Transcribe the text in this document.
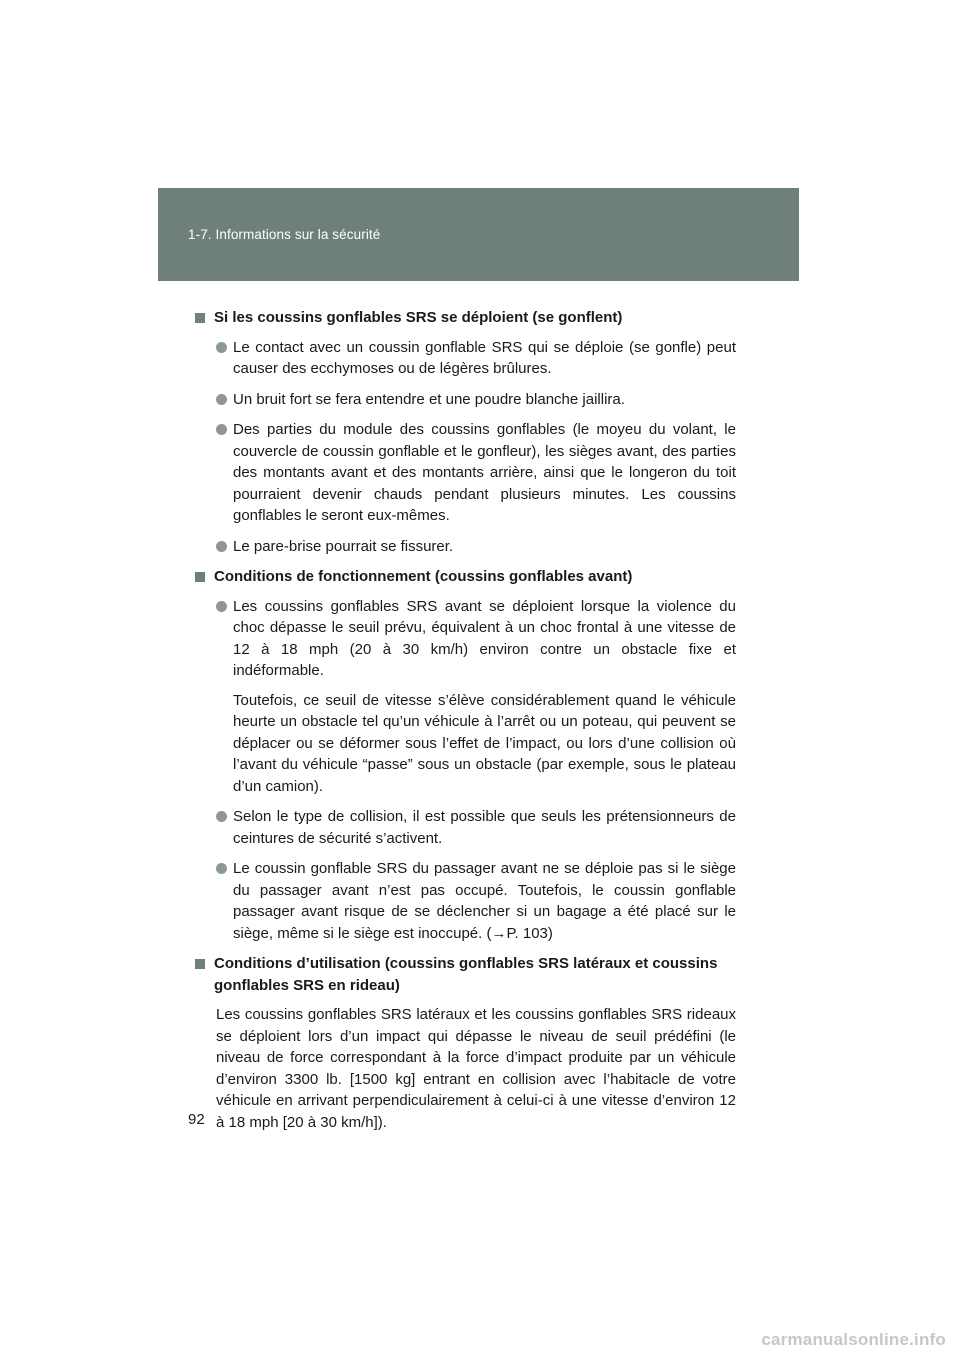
1-7. Informations sur la sécurité
Si les coussins gonflables SRS se déploient (se gonflent)
Le contact avec un coussin gonflable SRS qui se déploie (se gonfle) peut causer des ecchymoses ou de légères brûlures.
Un bruit fort se fera entendre et une poudre blanche jaillira.
Des parties du module des coussins gonflables (le moyeu du volant, le couvercle de coussin gonflable et le gonfleur), les sièges avant, des parties des montants avant et des montants arrière, ainsi que le longeron du toit pourraient devenir chauds pendant plusieurs minutes. Les coussins gonflables le seront eux-mêmes.
Le pare-brise pourrait se fissurer.
Conditions de fonctionnement (coussins gonflables avant)
Les coussins gonflables SRS avant se déploient lorsque la violence du choc dépasse le seuil prévu, équivalent à un choc frontal à une vitesse de 12 à 18 mph (20 à 30 km/h) environ contre un obstacle fixe et indéformable.
Toutefois, ce seuil de vitesse s’élève considérablement quand le véhicule heurte un obstacle tel qu’un véhicule à l’arrêt ou un poteau, qui peuvent se déplacer ou se déformer sous l’effet de l’impact, ou lors d’une collision où l’avant du véhicule “passe” sous un obstacle (par exemple, sous le plateau d’un camion).
Selon le type de collision, il est possible que seuls les prétensionneurs de ceintures de sécurité s’activent.
Le coussin gonflable SRS du passager avant ne se déploie pas si le siège du passager avant n’est pas occupé. Toutefois, le coussin gonflable passager avant risque de se déclencher si un bagage a été placé sur le siège, même si le siège est inoccupé. (→P. 103)
Conditions d’utilisation (coussins gonflables SRS latéraux et coussins gonflables SRS en rideau)
Les coussins gonflables SRS latéraux et les coussins gonflables SRS rideaux se déploient lors d’un impact qui dépasse le niveau de seuil prédéfini (le niveau de force correspondant à la force d’impact produite par un véhicule d’environ 3300 lb. [1500 kg] entrant en collision avec l’habitacle de votre véhicule en arrivant perpendiculairement à celui-ci à une vitesse d’environ 12 à 18 mph [20 à 30 km/h]).
92
carmanualsonline.info
